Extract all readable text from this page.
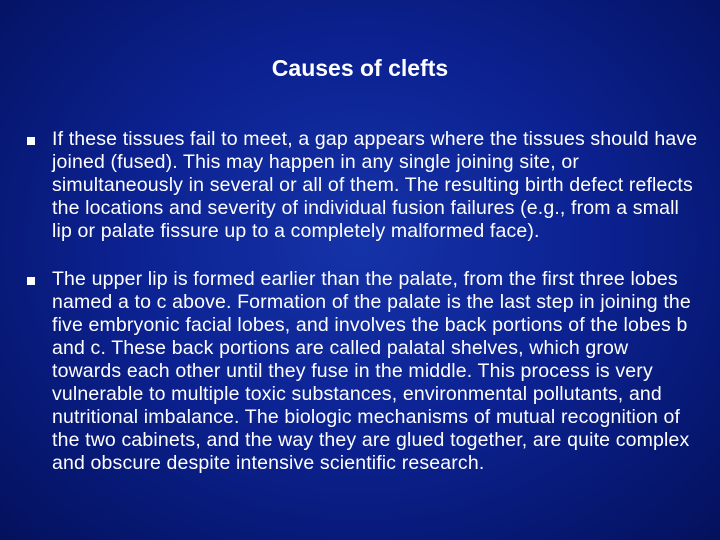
Causes of clefts
If these tissues fail to meet, a gap appears where the tissues should have joined (fused). This may happen in any single joining site, or simultaneously in several or all of them. The resulting birth defect reflects the locations and severity of individual fusion failures (e.g., from a small lip or palate fissure up to a completely malformed face).
The upper lip is formed earlier than the palate, from the first three lobes named a to c above. Formation of the palate is the last step in joining the five embryonic facial lobes, and involves the back portions of the lobes b and c. These back portions are called palatal shelves, which grow towards each other until they fuse in the middle. This process is very vulnerable to multiple toxic substances, environmental pollutants, and nutritional imbalance. The biologic mechanisms of mutual recognition of the two cabinets, and the way they are glued together, are quite complex and obscure despite intensive scientific research.
